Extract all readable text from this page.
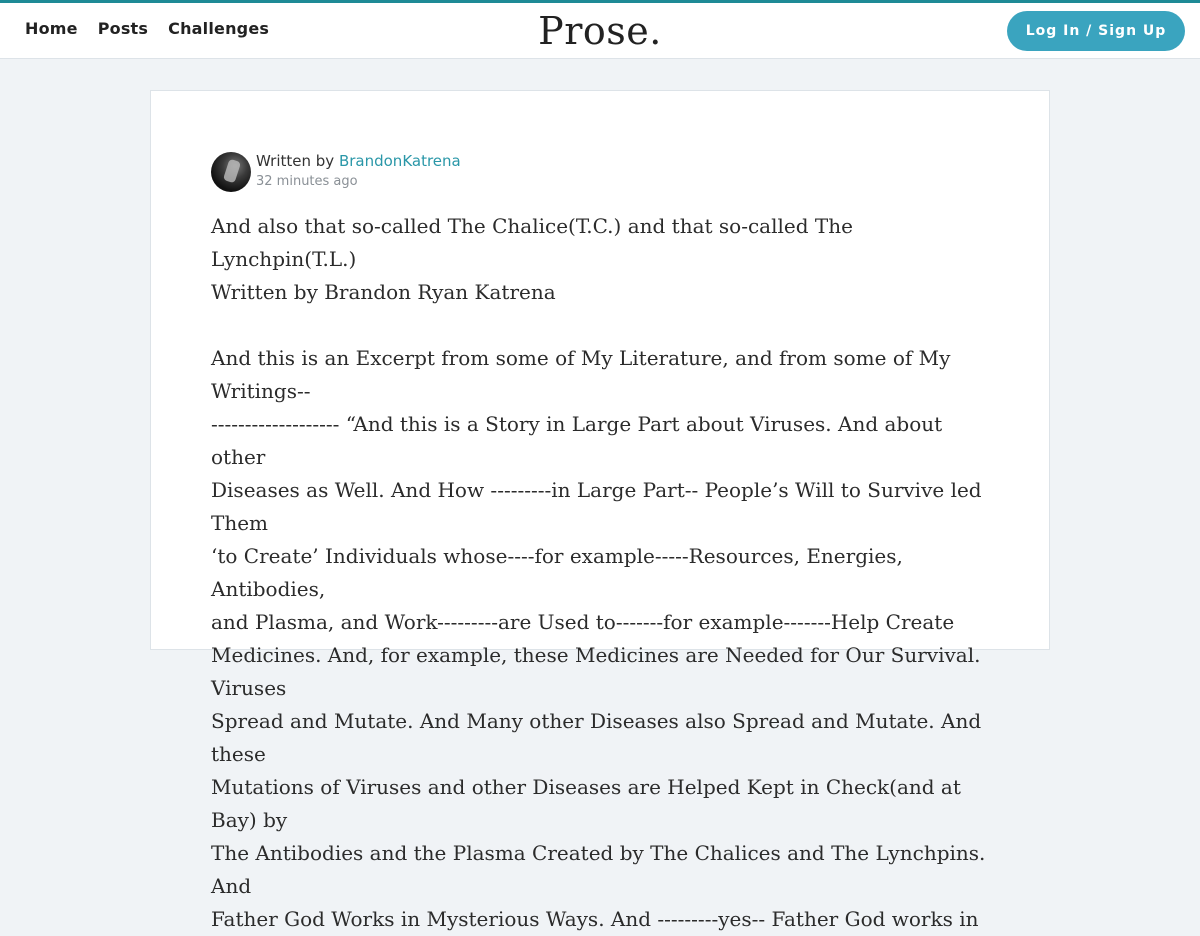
Home Posts Challenges	Prose.	Log In / Sign Up
Written by BrandonKatrena
32 minutes ago

And also that so-called The Chalice(T.C.) and that so-called The Lynchpin(T.L.)
Written by Brandon Ryan Katrena

And this is an Excerpt from some of My Literature, and from some of My Writings--
------------------- “And this is a Story in Large Part about Viruses. And about other
Diseases as Well. And How ---------in Large Part-- People’s Will to Survive led Them
‘to Create’ Individuals whose----for example-----Resources, Energies, Antibodies,
and Plasma, and Work---------are Used to-------for example-------Help Create
Medicines. And, for example, these Medicines are Needed for Our Survival. Viruses
Spread and Mutate. And Many other Diseases also Spread and Mutate. And these
Mutations of Viruses and other Diseases are Helped Kept in Check(and at Bay) by
The Antibodies and the Plasma Created by The Chalices and The Lynchpins. And
Father God Works in Mysterious Ways. And ---------yes-- Father God works in
